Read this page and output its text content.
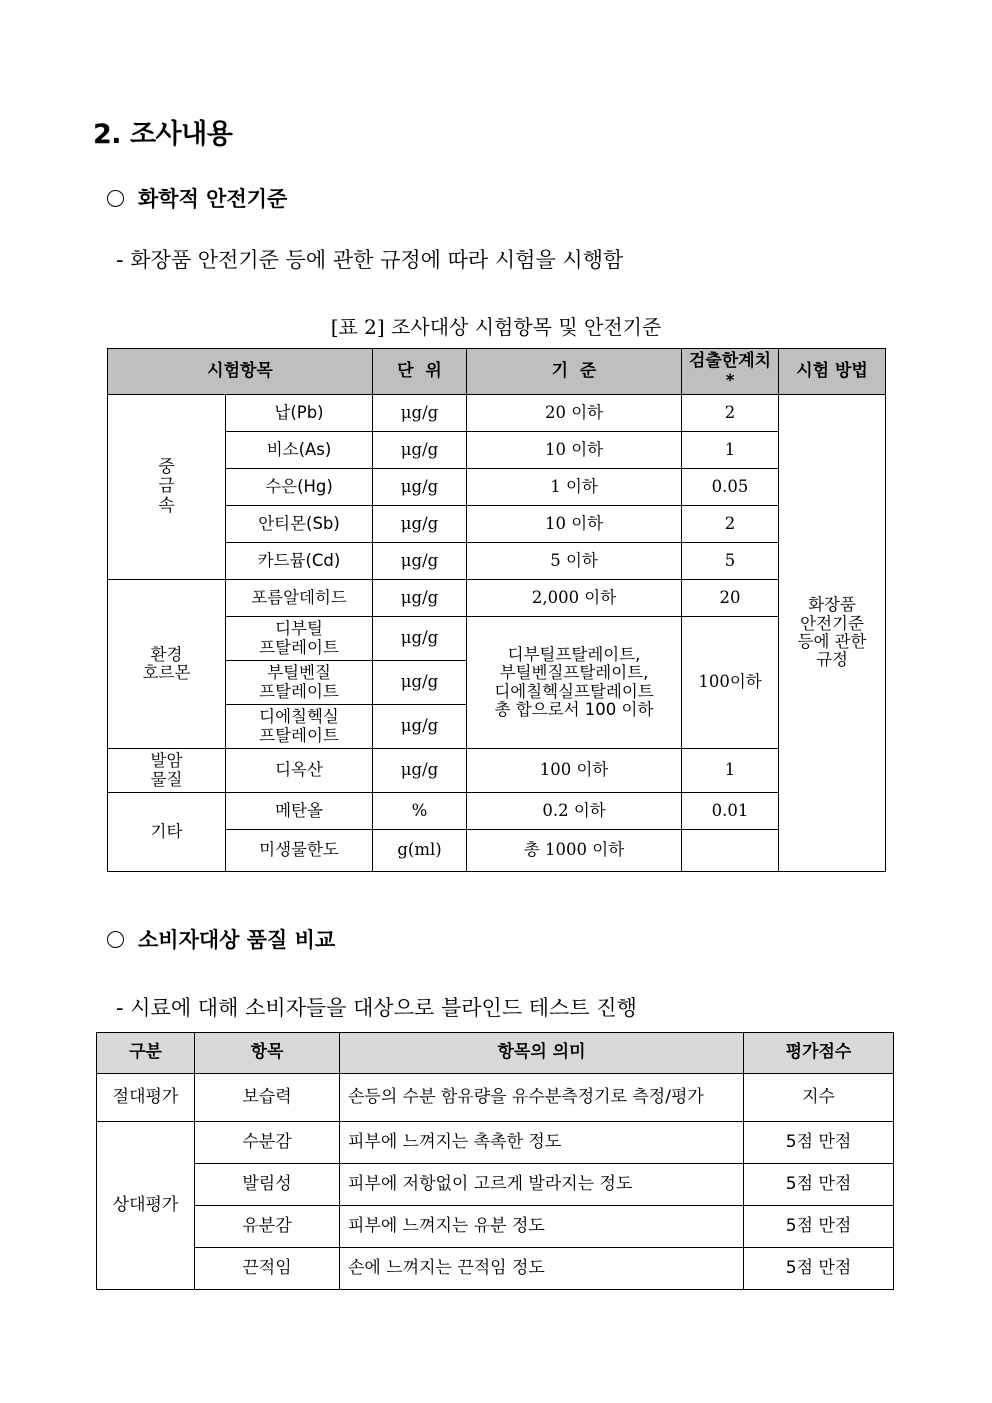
2. 조사내용
화학적 안전기준
- 화장품 안전기준 등에 관한 규정에 따라 시험을 시행함
[표 2] 조사대상 시험항목 및 안전기준
시험항목		단  위	기  준	검출한계치*	시험 방법

중금속	납(Pb)	μg/g	20 이하	2	화장품
안전기준
등에 관한
규정

	비소(As)	μg/g	10 이하	1	
	수은(Hg)	μg/g	1 이하	0.05	
	안티몬(Sb)	μg/g	10 이하	2	
	카드뮴(Cd)	μg/g	5 이하	5	

환경
호르몬	포름알데히드	μg/g	2,000 이하	20	

	디부틸
프탈레이트	μg/g	디부틸프탈레이트,
부틸벤질프탈레이트,
디에칠헥실프탈레이트
총 합으로서 100 이하	100이하	

	부틸벤질
프탈레이트	μg/g			

	디에칠헥실
프탈레이트	μg/g			

발암
물질	디옥산	μg/g	100 이하	1	
기타	메탄올	%	0.2 이하	0.01	
	미생물한도	g(ml)	총 1000 이하		
소비자대상 품질 비교
- 시료에 대해 소비자들을 대상으로 블라인드 테스트 진행
구분	항목	항목의 의미	평가점수
절대평가	보습력	손등의 수분 함유량을 유수분측정기로 측정/평가	지수
상대평가	수분감	피부에 느껴지는 촉촉한 정도	5점 만점
	발림성	피부에 저항없이 고르게 발라지는 정도	5점 만점
	유분감	피부에 느껴지는 유분 정도	5점 만점
	끈적임	손에 느껴지는 끈적임 정도	5점 만점
